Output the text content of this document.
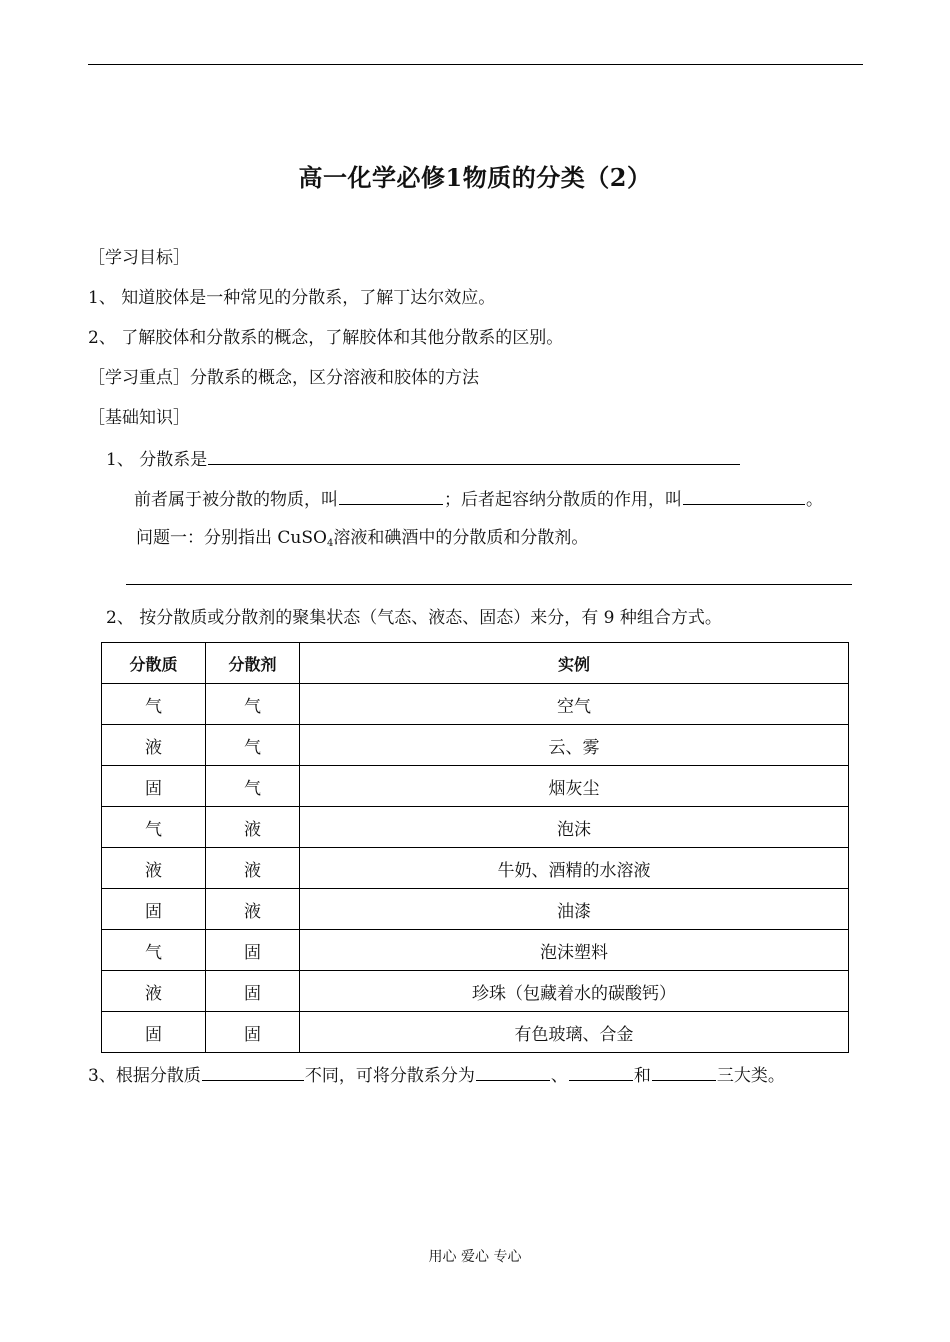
高一化学必修1物质的分类（2）
［学习目标］
1、 知道胶体是一种常见的分散系，了解丁达尔效应。
2、 了解胶体和分散系的概念，了解胶体和其他分散系的区别。
［学习重点］分散系的概念，区分溶液和胶体的方法
［基础知识］
1、 分散系是
前者属于被分散的物质，叫	；后者起容纳分散质的作用，叫	。
问题一：分别指出 CuSO$_4$溶液和碘酒中的分散质和分散剂。
2、 按分散质或分散剂的聚集状态（气态、液态、固态）来分，有 9 种组合方式。
分散质	分散剂	实例
气	气	空气
液	气	云、雾
固	气	烟灰尘
气	液	泡沫
液	液	牛奶、酒精的水溶液
固	液	油漆
气	固	泡沫塑料
液	固	珍珠（包藏着水的碳酸钙）
固	固	有色玻璃、合金
3、根据分散质	不同，可将分散系分为	、	和	三大类。
用心 爱心 专心
